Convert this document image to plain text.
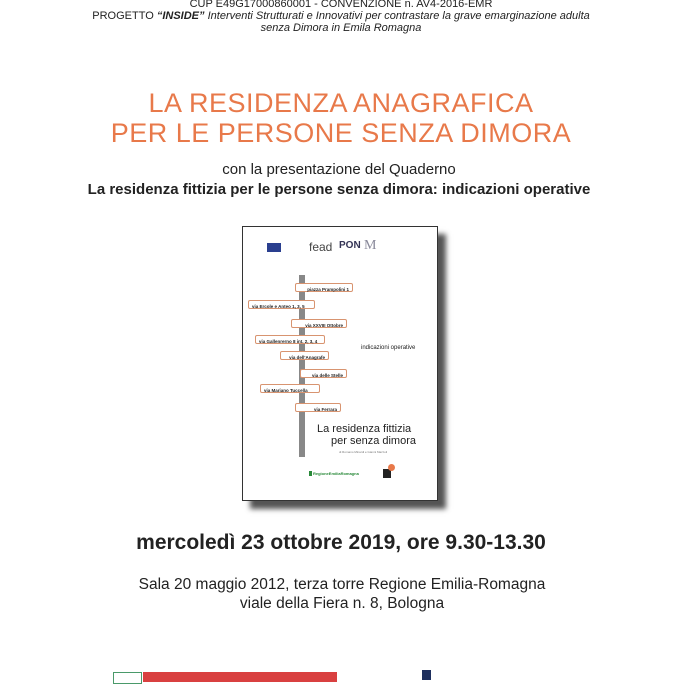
CUP E49G17000860001 - CONVENZIONE n. AV4-2016-EMR
PROGETTO “INSIDE” Interventi Strutturati e Innovativi per contrastare la grave emarginazione adulta
senza Dimora in Emila Romagna
LA RESIDENZA ANAGRAFICA
PER LE PERSONE SENZA DIMORA
con la presentazione del Quaderno
La residenza fittizia per le persone senza dimora: indicazioni operative
fead PON M
piazza Prampolini 1
via Ercole e Anteo 1, 3, 5
via XXVIII Ottobre
via Gallenrerno 8 int. 2, 3, 4
via dell'Anagrafe
via delle Stelle
via Mariano Tuccella
via Ferrara
indicazioni operative
La residenza fittizia
per senza dimora
di Romano Minardi e Gianni Mazzoli
RegioneEmiliaRomagna
mercoledì 23 ottobre 2019, ore 9.30-13.30
Sala 20 maggio 2012, terza torre Regione Emilia-Romagna
viale della Fiera n. 8, Bologna
